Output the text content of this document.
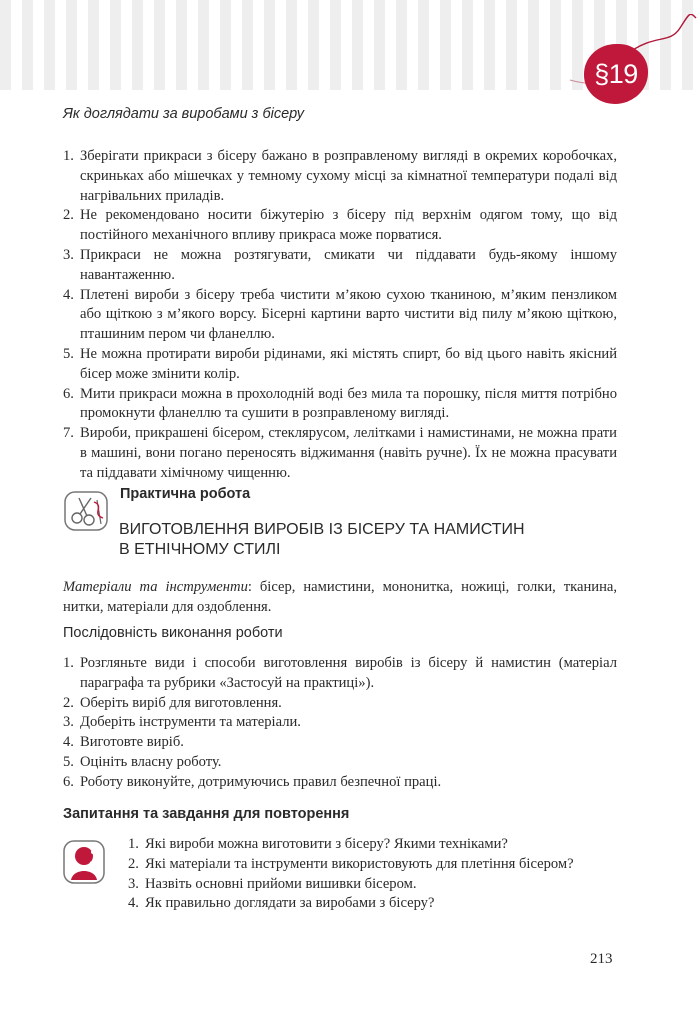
§19
Як доглядати за виробами з бісеру
1. Зберігати прикраси з бісеру бажано в розправленому вигляді в окремих коробочках, скриньках або мішечках у темному сухому місці за кімнатної температури подалі від нагрівальних приладів.
2. Не рекомендовано носити біжутерію з бісеру під верхнім одягом тому, що від постійного механічного впливу прикраса може порватися.
3. Прикраси не можна розтягувати, смикати чи піддавати будь-якому іншому навантаженню.
4. Плетені вироби з бісеру треба чистити м’якою сухою тканиною, м’яким пензликом або щіткою з м’якого ворсу. Бісерні картини варто чистити від пилу м’якою щіткою, пташиним пером чи фланеллю.
5. Не можна протирати вироби рідинами, які містять спирт, бо від цього навіть якісний бісер може змінити колір.
6. Мити прикраси можна в прохолодній воді без мила та порошку, після миття потрібно промокнути фланеллю та сушити в розправленому вигляді.
7. Вироби, прикрашені бісером, стеклярусом, лелітками і намистинами, не можна прати в машині, вони погано переносять віджимання (навіть ручне). Їх не можна прасувати та піддавати хімічному чищенню.
Практична робота
ВИГОТОВЛЕННЯ ВИРОБІВ ІЗ БІСЕРУ ТА НАМИСТИН В ЕТНІЧНОМУ СТИЛІ
Матеріали та інструменти: бісер, намистини, мононитка, ножиці, голки, тканина, нитки, матеріали для оздоблення.
Послідовність виконання роботи
1. Розгляньте види і способи виготовлення виробів із бісеру й намистин (матеріал параграфа та рубрики «Застосуй на практиці»).
2. Оберіть виріб для виготовлення.
3. Доберіть інструменти та матеріали.
4. Виготовте виріб.
5. Оцініть власну роботу.
6. Роботу виконуйте, дотримуючись правил безпечної праці.
Запитання та завдання для повторення
1. Які вироби можна виготовити з бісеру? Якими техніками?
2. Які матеріали та інструменти використовують для плетіння бісером?
3. Назвіть основні прийоми вишивки бісером.
4. Як правильно доглядати за виробами з бісеру?
213
